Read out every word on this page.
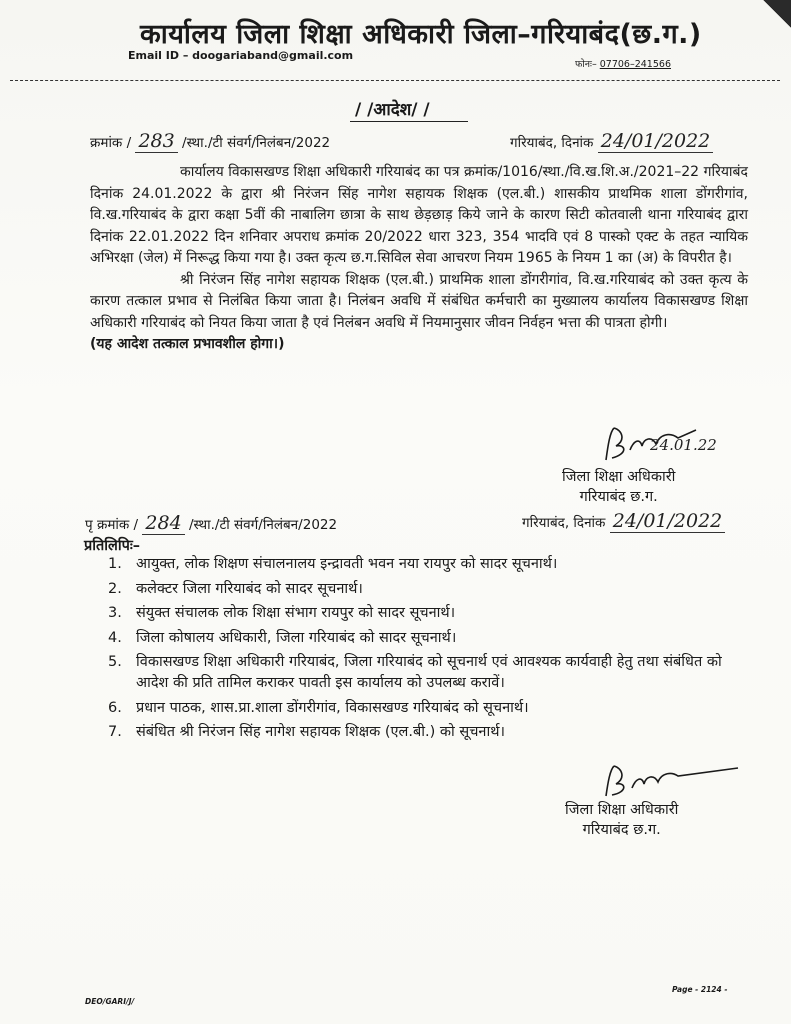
कार्यालय जिला शिक्षा अधिकारी जिला–गरियाबंद(छ.ग.)
Email ID – doogariaband@gmail.com
फोनः– 07706–241566
/ /आदेश/ /
क्रमांक / 283 /स्था./टी संवर्ग/निलंबन/2022	गरियाबंद, दिनांक 24/01/2022

कार्यालय विकासखण्ड शिक्षा अधिकारी गरियाबंद का पत्र क्रमांक/1016/स्था./वि.ख.शि.अ./2021–22 गरियाबंद दिनांक 24.01.2022 के द्वारा श्री निरंजन सिंह नागेश सहायक शिक्षक (एल.बी.) शासकीय प्राथमिक शाला डोंगरीगांव, वि.ख.गरियाबंद के द्वारा कक्षा 5वीं की नाबालिग छात्रा के साथ छेड़छाड़ किये जाने के कारण सिटी कोतवाली थाना गरियाबंद द्वारा दिनांक 22.01.2022 दिन शनिवार अपराध क्रमांक 20/2022 धारा 323, 354 भादवि एवं 8 पास्को एक्ट के तहत न्यायिक अभिरक्षा (जेल) में निरूद्ध किया गया है। उक्त कृत्य छ.ग.सिविल सेवा आचरण नियम 1965 के नियम 1 का (अ) के विपरीत है।

श्री निरंजन सिंह नागेश सहायक शिक्षक (एल.बी.) प्राथमिक शाला डोंगरीगांव, वि.ख.गरियाबंद को उक्त कृत्य के कारण तत्काल प्रभाव से निलंबित किया जाता है। निलंबन अवधि में संबंधित कर्मचारी का मुख्यालय कार्यालय विकासखण्ड शिक्षा अधिकारी गरियाबंद को नियत किया जाता है एवं निलंबन अवधि में नियमानुसार जीवन निर्वहन भत्ता की पात्रता होगी।

(यह आदेश तत्काल प्रभावशील होगा।)

24.01.22
जिला शिक्षा अधिकारी
गरियाबंद छ.ग.
पृ क्रमांक / 284 /स्था./टी संवर्ग/निलंबन/2022	गरियाबंद, दिनांक 24/01/2022
प्रतिलिपिः–
1. आयुक्त, लोक शिक्षण संचालनालय इन्द्रावती भवन नया रायपुर को सादर सूचनार्थ।
2. कलेक्टर जिला गरियाबंद को सादर सूचनार्थ।
3. संयुक्त संचालक लोक शिक्षा संभाग रायपुर को सादर सूचनार्थ।
4. जिला कोषालय अधिकारी, जिला गरियाबंद को सादर सूचनार्थ।
5. विकासखण्ड शिक्षा अधिकारी गरियाबंद, जिला गरियाबंद को सूचनार्थ एवं आवश्यक कार्यवाही हेतु तथा संबंधित को आदेश की प्रति तामिल कराकर पावती इस कार्यालय को उपलब्ध करावें।
6. प्रधान पाठक, शास.प्रा.शाला डोंगरीगांव, विकासखण्ड गरियाबंद को सूचनार्थ।
7. संबंधित श्री निरंजन सिंह नागेश सहायक शिक्षक (एल.बी.) को सूचनार्थ।
जिला शिक्षा अधिकारी
गरियाबंद छ.ग.
DEO/GARI/J/
Page - 2124 -
